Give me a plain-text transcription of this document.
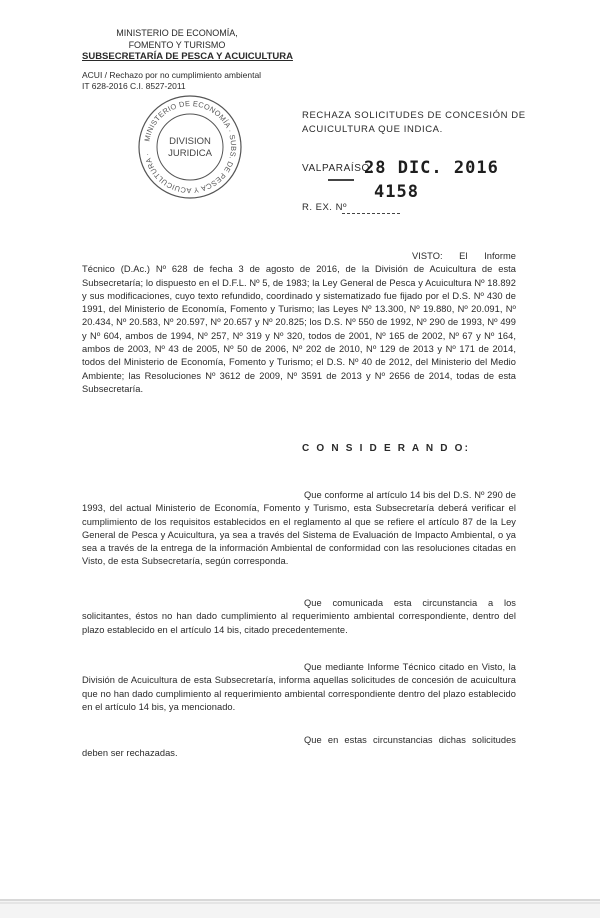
MINISTERIO DE ECONOMÍA,
FOMENTO Y TURISMO
SUBSECRETARÍA DE PESCA Y ACUICULTURA
ACUI / Rechazo por no cumplimiento ambiental
IT 628-2016 C.I. 8527-2011
MINISTERIO DE ECONOMÍA · SUBS. DE PESCA Y ACUICULTURA ·
DIVISION
JURIDICA
RECHAZA SOLICITUDES DE CONCESIÓN DE ACUICULTURA QUE INDICA.
VALPARAÍSO,
28 DIC. 2016
4158
R. EX. Nº
VISTO: El Informe Técnico (D.Ac.) Nº 628 de fecha 3 de agosto de 2016, de la División de Acuicultura de esta Subsecretaría; lo dispuesto en el D.F.L. Nº 5, de 1983; la Ley General de Pesca y Acuicultura Nº 18.892 y sus modificaciones, cuyo texto refundido, coordinado y sistematizado fue fijado por el D.S. Nº 430 de 1991, del Ministerio de Economía, Fomento y Turismo; las Leyes Nº 13.300, Nº 19.880, Nº 20.091, Nº 20.434, Nº 20.583, Nº 20.597, Nº 20.657 y Nº 20.825; los D.S. Nº 550 de 1992, Nº 290 de 1993, Nº 499 y Nº 604, ambos de 1994, Nº 257, Nº 319 y Nº 320, todos de 2001, Nº 165 de 2002, Nº 67 y Nº 164, ambos de 2003, Nº 43 de 2005, Nº 50 de 2006, Nº 202 de 2010, Nº 129 de 2013 y Nº 171 de 2014, todos del Ministerio de Economía, Fomento y Turismo; el D.S. Nº 40 de 2012, del Ministerio del Medio Ambiente; las Resoluciones Nº 3612 de 2009, Nº 3591 de 2013 y Nº 2656 de 2014, todas de esta Subsecretaría.
C O N S I D E R A N D O:
Que conforme al artículo 14 bis del D.S. Nº 290 de 1993, del actual Ministerio de Economía, Fomento y Turismo, esta Subsecretaría deberá verificar el cumplimiento de los requisitos establecidos en el reglamento al que se refiere el artículo 87 de la Ley General de Pesca y Acuicultura, ya sea a través del Sistema de Evaluación de Impacto Ambiental, o ya sea a través de la entrega de la información Ambiental de conformidad con las resoluciones citadas en Visto, de esta Subsecretaría, según corresponda.
Que comunicada esta circunstancia a los solicitantes, éstos no han dado cumplimiento al requerimiento ambiental correspondiente, dentro del plazo establecido en el artículo 14 bis, citado precedentemente.
Que mediante Informe Técnico citado en Visto, la División de Acuicultura de esta Subsecretaría, informa aquellas solicitudes de concesión de acuicultura que no han dado cumplimiento al requerimiento ambiental correspondiente dentro del plazo establecido en el artículo 14 bis, ya mencionado.
Que en estas circunstancias dichas solicitudes deben ser rechazadas.
